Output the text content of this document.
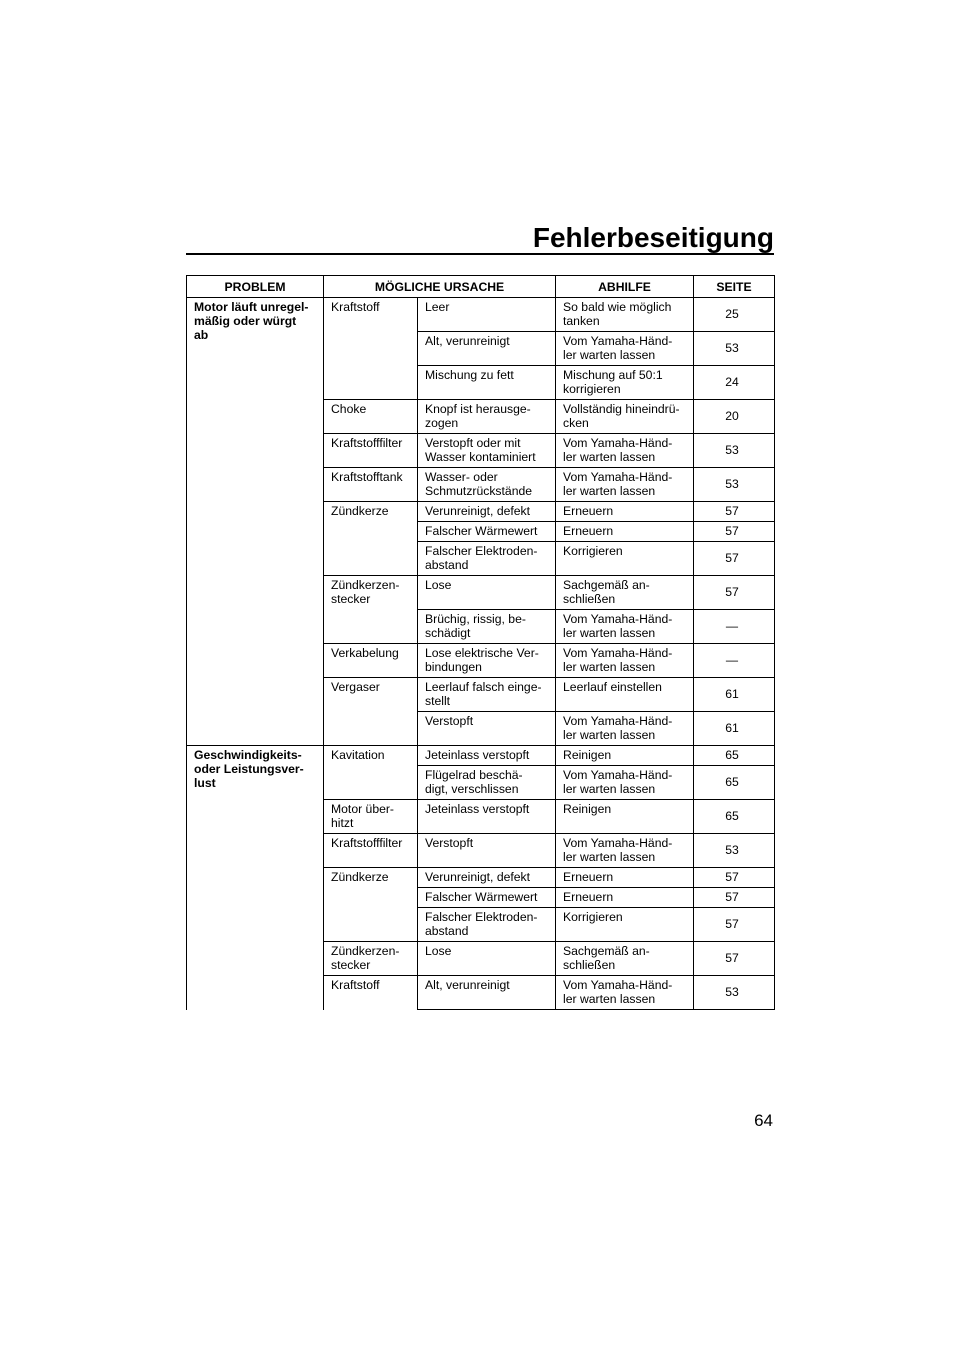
Fehlerbeseitigung
PROBLEM	MÖGLICHE URSACHE		ABHILFE	SEITE
Motor läuft unregel-
mäßig oder würgt
ab	Kraftstoff	Leer	So bald wie möglich
tanken	25
		Alt, verunreinigt	Vom Yamaha-Händ-
ler warten lassen	53
		Mischung zu fett	Mischung auf 50:1
korrigieren	24
	Choke	Knopf ist herausge-
zogen	Vollständig hineindrü-
cken	20
	Kraftstofffilter	Verstopft oder mit
Wasser kontaminiert	Vom Yamaha-Händ-
ler warten lassen	53
	Kraftstofftank	Wasser- oder
Schmutzrückstände	Vom Yamaha-Händ-
ler warten lassen	53
	Zündkerze	Verunreinigt, defekt	Erneuern	57
		Falscher Wärmewert	Erneuern	57
		Falscher Elektroden-
abstand	Korrigieren	57
	Zündkerzen-
stecker	Lose	Sachgemäß an-
schließen	57
		Brüchig, rissig, be-
schädigt	Vom Yamaha-Händ-
ler warten lassen	—
	Verkabelung	Lose elektrische Ver-
bindungen	Vom Yamaha-Händ-
ler warten lassen	—
	Vergaser	Leerlauf falsch einge-
stellt	Leerlauf einstellen	61
		Verstopft	Vom Yamaha-Händ-
ler warten lassen	61
Geschwindigkeits-
oder Leistungsver-
lust	Kavitation	Jeteinlass verstopft	Reinigen	65
		Flügelrad beschä-
digt, verschlissen	Vom Yamaha-Händ-
ler warten lassen	65
	Motor über-
hitzt	Jeteinlass verstopft	Reinigen	65
	Kraftstofffilter	Verstopft	Vom Yamaha-Händ-
ler warten lassen	53
	Zündkerze	Verunreinigt, defekt	Erneuern	57
		Falscher Wärmewert	Erneuern	57
		Falscher Elektroden-
abstand	Korrigieren	57
	Zündkerzen-
stecker	Lose	Sachgemäß an-
schließen	57
	Kraftstoff	Alt, verunreinigt	Vom Yamaha-Händ-
ler warten lassen	53

64
